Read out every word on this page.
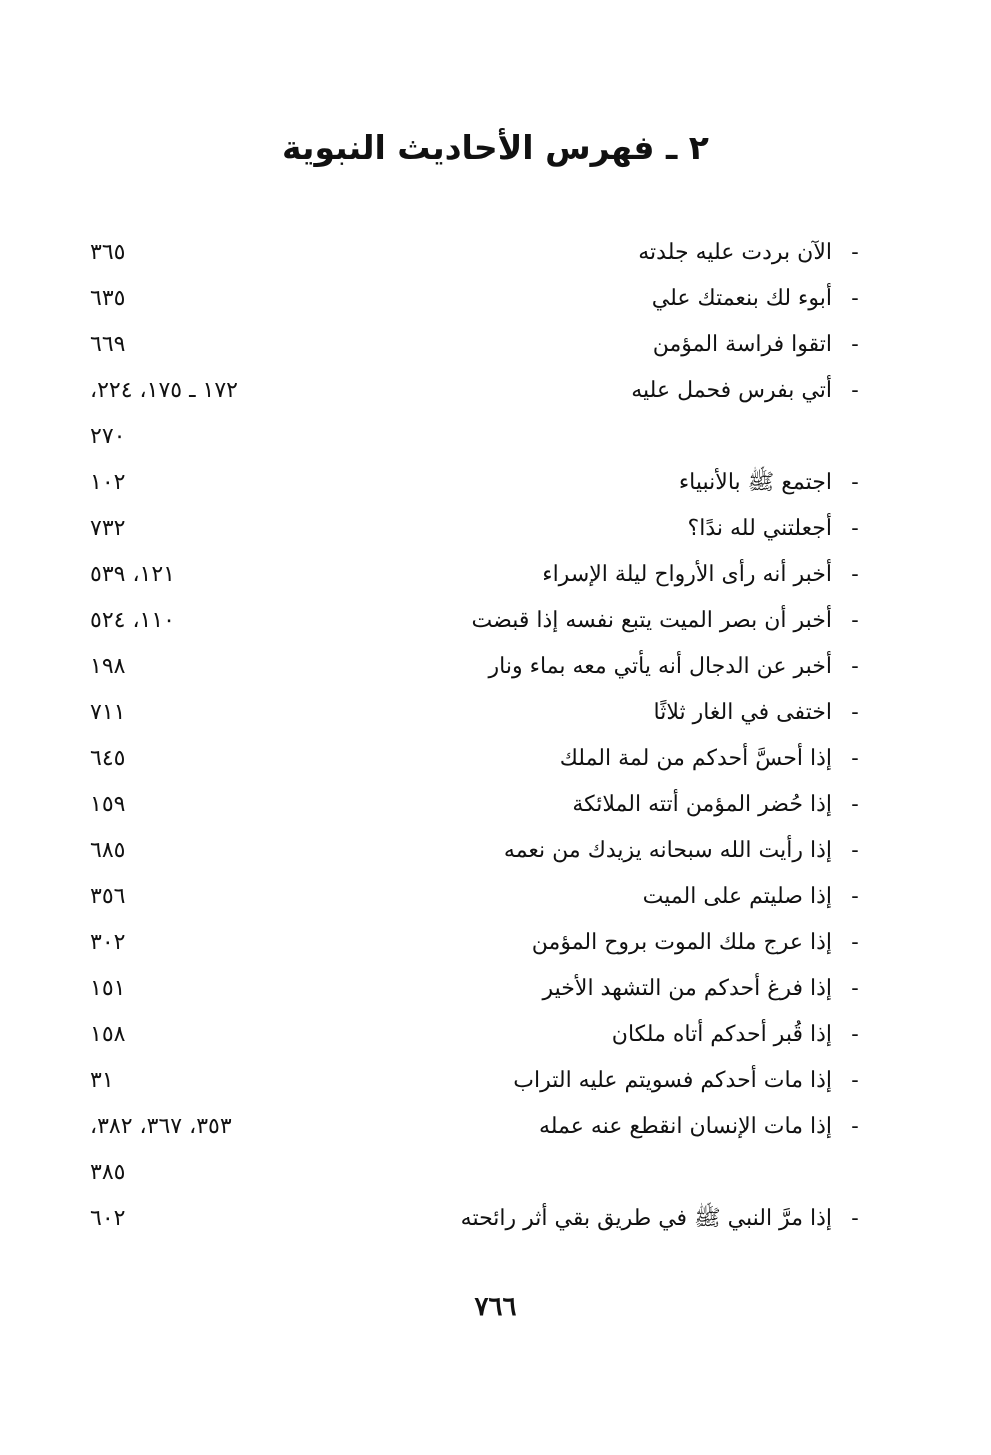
٢ ـ فهرس الأحاديث النبوية
-
الآن بردت عليه جلدته
٣٦٥
-
أبوء لك بنعمتك علي
٦٣٥
-
اتقوا فراسة المؤمن
٦٦٩
-
أتي بفرس فحمل عليه
١٧٢ ـ ١٧٥، ٢٢٤،
٢٧٠
-
اجتمع ﷺ بالأنبياء
١٠٢
-
أجعلتني لله ندًا؟
٧٣٢
-
أخبر أنه رأى الأرواح ليلة الإسراء
١٢١، ٥٣٩
-
أخبر أن بصر الميت يتبع نفسه إذا قبضت
١١٠، ٥٢٤
-
أخبر عن الدجال أنه يأتي معه بماء ونار
١٩٨
-
اختفى في الغار ثلاثًا
٧١١
-
إذا أحسَّ أحدكم من لمة الملك
٦٤٥
-
إذا حُضر المؤمن أتته الملائكة
١٥٩
-
إذا رأيت الله سبحانه يزيدك من نعمه
٦٨٥
-
إذا صليتم على الميت
٣٥٦
-
إذا عرج ملك الموت بروح المؤمن
٣٠٢
-
إذا فرغ أحدكم من التشهد الأخير
١٥١
-
إذا قُبر أحدكم أتاه ملكان
١٥٨
-
إذا مات أحدكم فسويتم عليه التراب
٣١
-
إذا مات الإنسان انقطع عنه عمله
٣٥٣، ٣٦٧، ٣٨٢،
٣٨٥
-
إذا مرَّ النبي ﷺ في طريق بقي أثر رائحته
٦٠٢
٧٦٦
